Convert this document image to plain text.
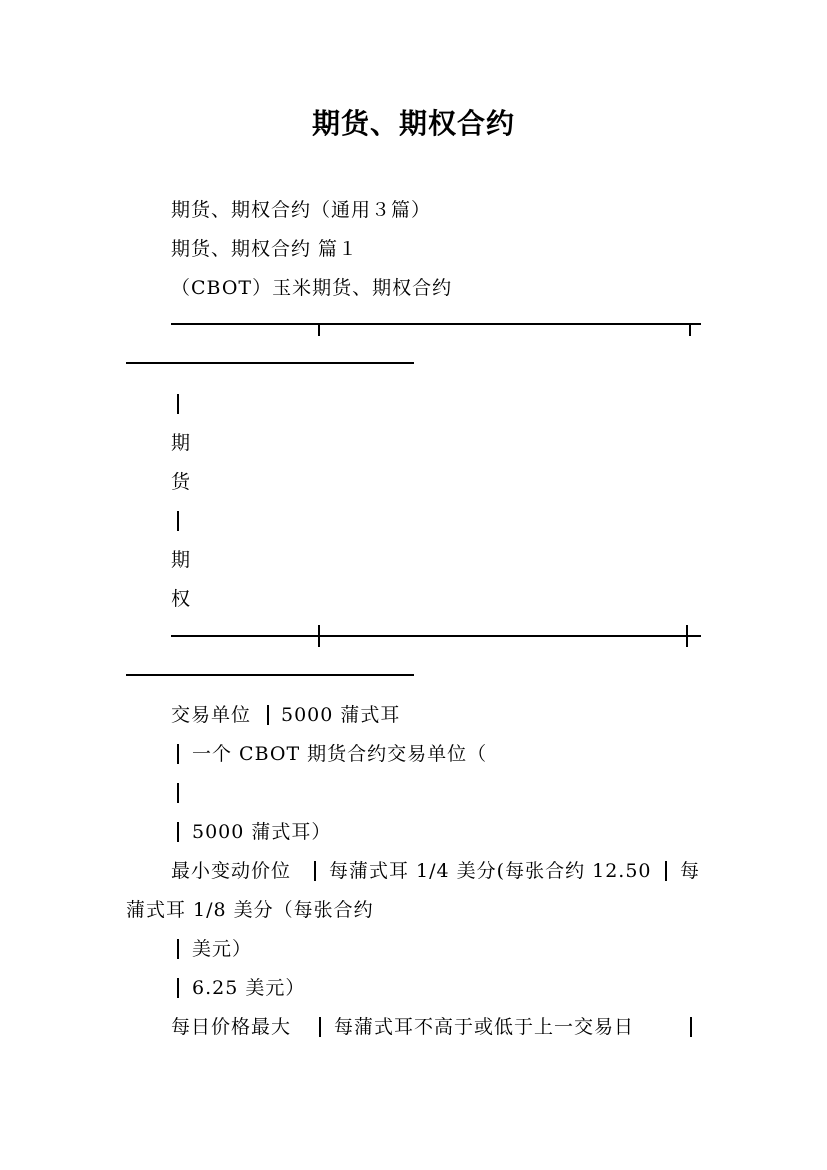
期货、期权合约
期货、期权合约（通用３篇）
期货、期权合约 篇１
（CBOT）玉米期货、期权合约
期
货
期
权
交易单位 5000 蒲式耳
一个 CBOT 期货合约交易单位（
5000 蒲式耳）
最小变动价位 每蒲式耳 1/4 美分(每张合约 12.50 每
蒲式耳 1/8 美分（每张合约
美元）
6.25 美元）
每日价格最大 每蒲式耳不高于或低于上一交易日
